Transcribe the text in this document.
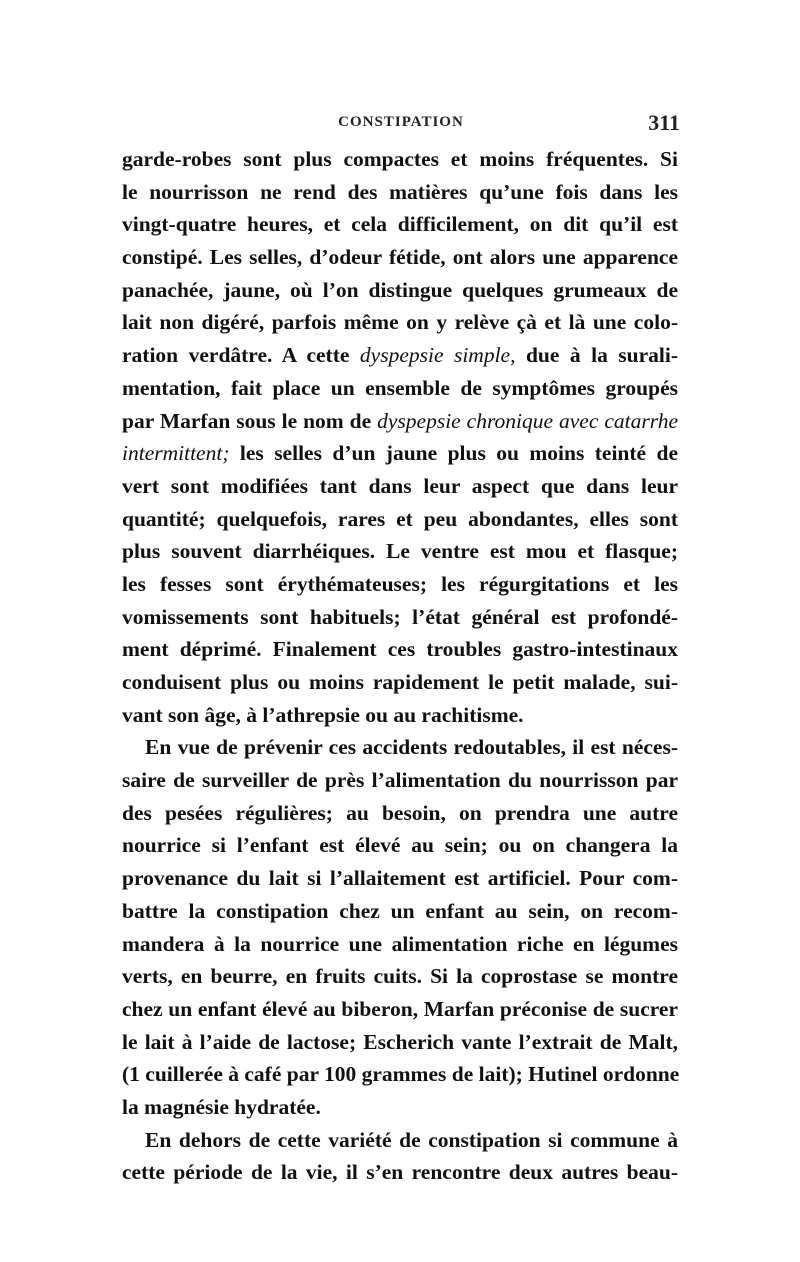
CONSTIPATION	311
garde-robes sont plus compactes et moins fréquentes. Si
le nourrisson ne rend des matières qu’une fois dans les
vingt-quatre heures, et cela difficilement, on dit qu’il est
constipé. Les selles, d’odeur fétide, ont alors une apparence
panachée, jaune, où l’on distingue quelques grumeaux de
lait non digéré, parfois même on y relève çà et là une colo-
ration verdâtre. A cette dyspepsie simple, due à la surali-
mentation, fait place un ensemble de symptômes groupés
par Marfan sous le nom de dyspepsie chronique avec catarrhe
intermittent; les selles d’un jaune plus ou moins teinté de
vert sont modifiées tant dans leur aspect que dans leur
quantité; quelquefois, rares et peu abondantes, elles sont
plus souvent diarrhéiques. Le ventre est mou et flasque;
les fesses sont érythémateuses; les régurgitations et les
vomissements sont habituels; l’état général est profondé-
ment déprimé. Finalement ces troubles gastro-intestinaux
conduisent plus ou moins rapidement le petit malade, sui-
vant son âge, à l’athrepsie ou au rachitisme.
En vue de prévenir ces accidents redoutables, il est néces-
saire de surveiller de près l’alimentation du nourrisson par
des pesées régulières; au besoin, on prendra une autre
nourrice si l’enfant est élevé au sein; ou on changera la
provenance du lait si l’allaitement est artificiel. Pour com-
battre la constipation chez un enfant au sein, on recom-
mandera à la nourrice une alimentation riche en légumes
verts, en beurre, en fruits cuits. Si la coprostase se montre
chez un enfant élevé au biberon, Marfan préconise de sucrer
le lait à l’aide de lactose; Escherich vante l’extrait de Malt,
(1 cuillerée à café par 100 grammes de lait); Hutinel ordonne
la magnésie hydratée.
En dehors de cette variété de constipation si commune à
cette période de la vie, il s’en rencontre deux autres beau-
